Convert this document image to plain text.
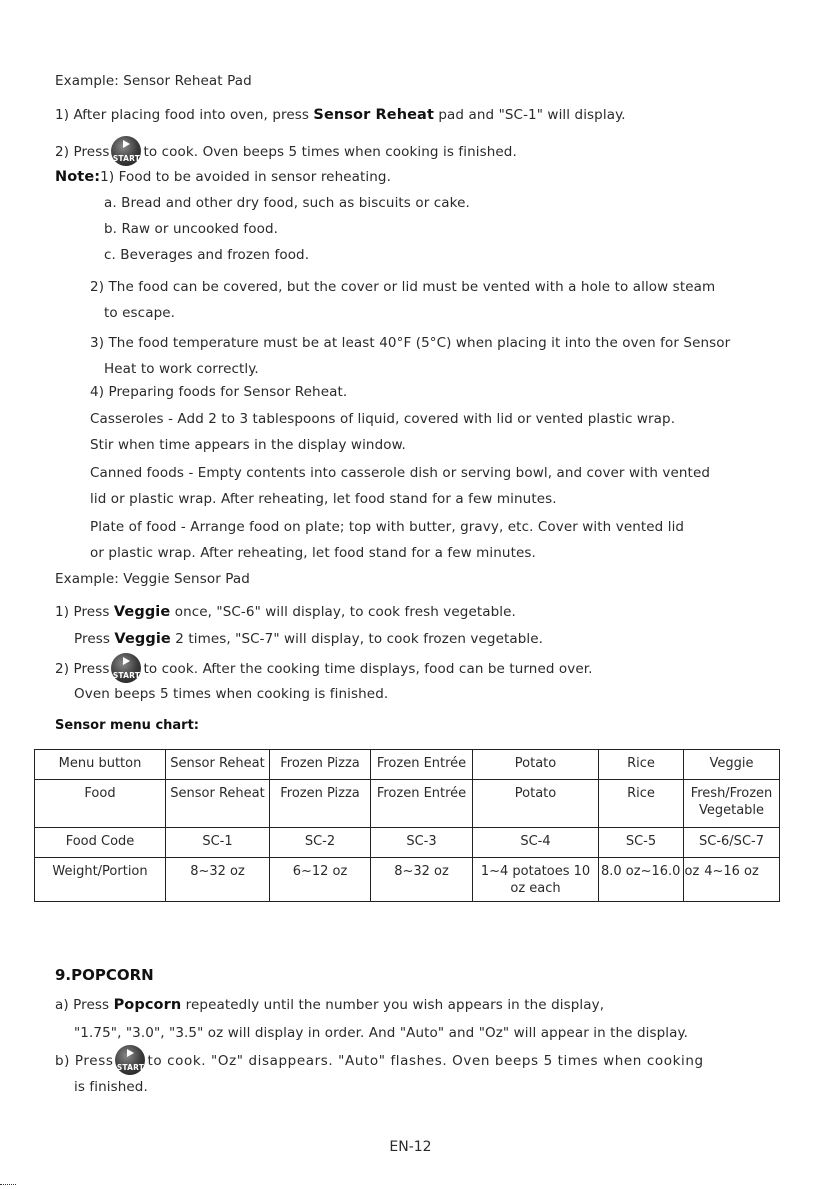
Example: Sensor Reheat Pad
1) After placing food into oven, press Sensor Reheat pad and "SC-1" will display.
2) Press START to cook. Oven beeps 5 times when cooking is finished.
Note:1) Food to be avoided in sensor reheating.
a. Bread and other dry food, such as biscuits or cake.
b. Raw or uncooked food.
c. Beverages and frozen food.
2) The food can be covered, but the cover or lid must be vented with a hole to allow steam
to escape.
3) The food temperature must be at least 40°F (5°C) when placing it into the oven for Sensor
Heat to work correctly.
4) Preparing foods for Sensor Reheat.
Casseroles - Add 2 to 3 tablespoons of liquid, covered with lid or vented plastic wrap.
Stir when time appears in the display window.
Canned foods - Empty contents into casserole dish or serving bowl, and cover with vented
lid or plastic wrap. After reheating, let food stand for a few minutes.
Plate of food - Arrange food on plate; top with butter, gravy, etc. Cover with vented lid
or plastic wrap. After reheating, let food stand for a few minutes.
Example: Veggie Sensor Pad
1) Press Veggie once, "SC-6" will display, to cook fresh vegetable.
Press Veggie 2 times, "SC-7" will display, to cook frozen vegetable.
2) Press START to cook. After the cooking time displays, food can be turned over.
Oven beeps 5 times when cooking is finished.
Sensor menu chart:
Menu button	Sensor Reheat	Frozen Pizza	Frozen Entrée	Potato	Rice	Veggie
Food	Sensor Reheat	Frozen Pizza	Frozen Entrée	Potato	Rice	Fresh/Frozen Vegetable
Food Code	SC-1	SC-2	SC-3	SC-4	SC-5	SC-6/SC-7
Weight/Portion	8~32 oz	6~12 oz	8~32 oz	1~4 potatoes 10 oz each	8.0 oz~16.0 oz	4~16 oz
9.POPCORN
a) Press Popcorn repeatedly until the number you wish appears in the display,
"1.75", "3.0", "3.5" oz will display in order. And "Auto" and "Oz" will appear in the display.
b) Press START to cook. "Oz" disappears. "Auto" flashes. Oven beeps 5 times when cooking
is finished.
EN-12
